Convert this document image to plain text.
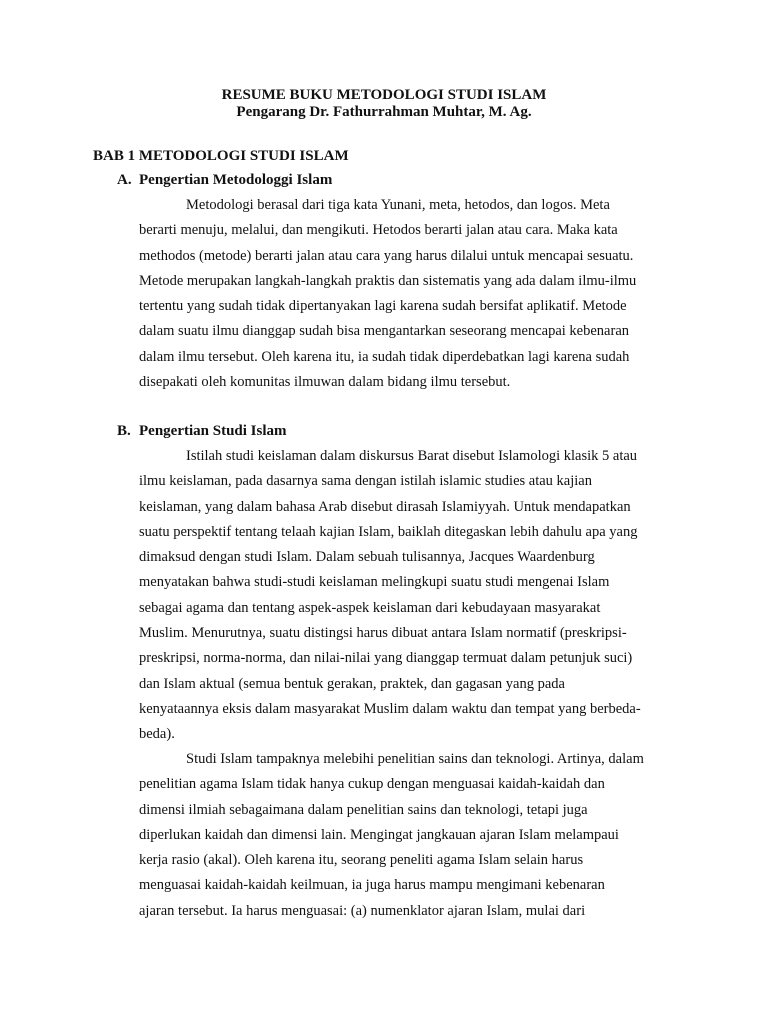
RESUME BUKU METODOLOGI STUDI ISLAM
Pengarang Dr. Fathurrahman Muhtar, M. Ag.
BAB 1 METODOLOGI STUDI ISLAM
A. Pengertian Metodologgi Islam
Metodologi berasal dari tiga kata Yunani, meta, hetodos, dan logos. Meta
berarti menuju, melalui, dan mengikuti. Hetodos berarti jalan atau cara. Maka kata
methodos (metode) berarti jalan atau cara yang harus dilalui untuk mencapai sesuatu.
Metode merupakan langkah-langkah praktis dan sistematis yang ada dalam ilmu-ilmu
tertentu yang sudah tidak dipertanyakan lagi karena sudah bersifat aplikatif. Metode
dalam suatu ilmu dianggap sudah bisa mengantarkan seseorang mencapai kebenaran
dalam ilmu tersebut. Oleh karena itu, ia sudah tidak diperdebatkan lagi karena sudah
disepakati oleh komunitas ilmuwan dalam bidang ilmu tersebut.
B. Pengertian Studi Islam
Istilah studi keislaman dalam diskursus Barat disebut Islamologi klasik 5 atau
ilmu keislaman, pada dasarnya sama dengan istilah islamic studies atau kajian
keislaman, yang dalam bahasa Arab disebut dirasah Islamiyyah. Untuk mendapatkan
suatu perspektif tentang telaah kajian Islam, baiklah ditegaskan lebih dahulu apa yang
dimaksud dengan studi Islam. Dalam sebuah tulisannya, Jacques Waardenburg
menyatakan bahwa studi-studi keislaman melingkupi suatu studi mengenai Islam
sebagai agama dan tentang aspek-aspek keislaman dari kebudayaan masyarakat
Muslim. Menurutnya, suatu distingsi harus dibuat antara Islam normatif (preskripsi-
preskripsi, norma-norma, dan nilai-nilai yang dianggap termuat dalam petunjuk suci)
dan Islam aktual (semua bentuk gerakan, praktek, dan gagasan yang pada
kenyataannya eksis dalam masyarakat Muslim dalam waktu dan tempat yang berbeda-
beda).
Studi Islam tampaknya melebihi penelitian sains dan teknologi. Artinya, dalam
penelitian agama Islam tidak hanya cukup dengan menguasai kaidah-kaidah dan
dimensi ilmiah sebagaimana dalam penelitian sains dan teknologi, tetapi juga
diperlukan kaidah dan dimensi lain. Mengingat jangkauan ajaran Islam melampaui
kerja rasio (akal). Oleh karena itu, seorang peneliti agama Islam selain harus
menguasai kaidah-kaidah keilmuan, ia juga harus mampu mengimani kebenaran
ajaran tersebut. Ia harus menguasai: (a) numenklator ajaran Islam, mulai dari
